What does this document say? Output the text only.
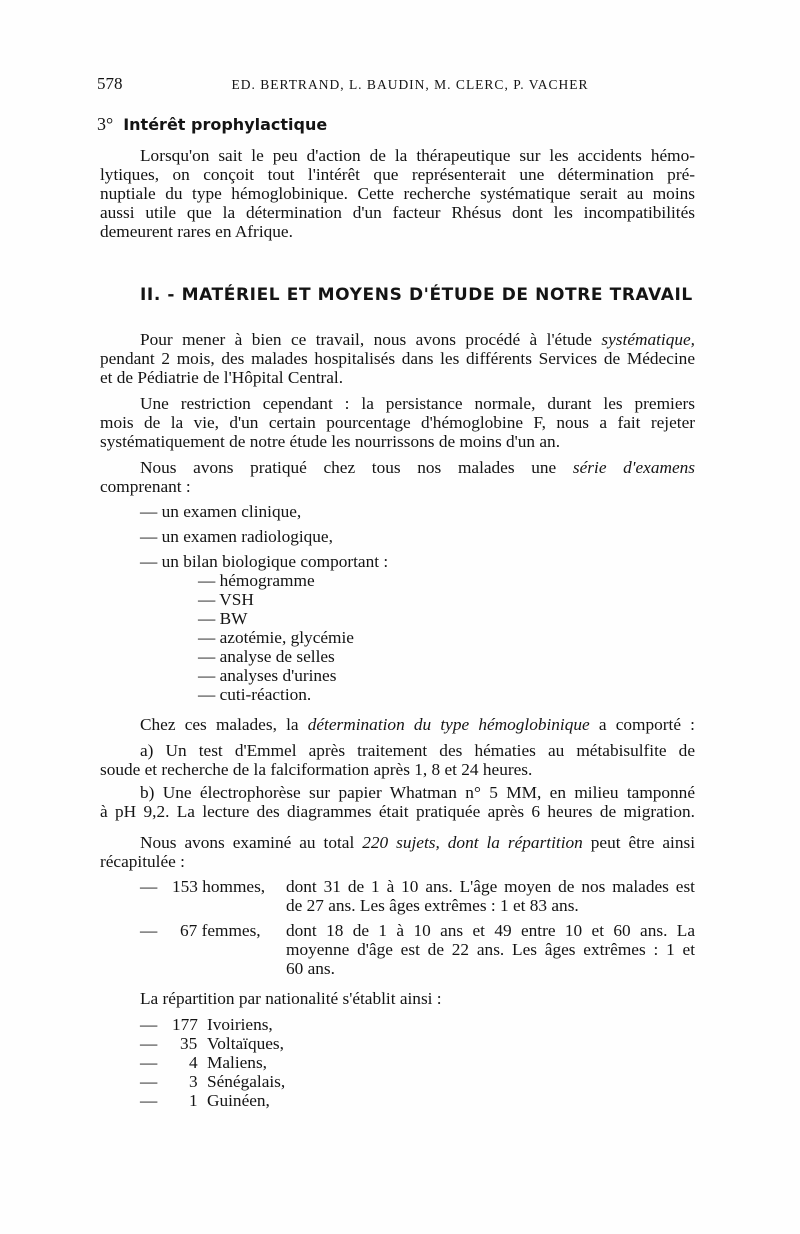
578	ED. BERTRAND, L. BAUDIN, M. CLERC, P. VACHER
3° Intérêt prophylactique
Lorsqu'on sait le peu d'action de la thérapeutique sur les accidents hémo-
lytiques, on conçoit tout l'intérêt que représenterait une détermination pré-
nuptiale du type hémoglobinique. Cette recherche systématique serait au moins
aussi utile que la détermination d'un facteur Rhésus dont les incompatibilités
demeurent rares en Afrique.
II. - MATÉRIEL ET MOYENS D'ÉTUDE DE NOTRE TRAVAIL
Pour mener à bien ce travail, nous avons procédé à l'étude systématique,
pendant 2 mois, des malades hospitalisés dans les différents Services de Médecine
et de Pédiatrie de l'Hôpital Central.
Une restriction cependant : la persistance normale, durant les premiers
mois de la vie, d'un certain pourcentage d'hémoglobine F, nous a fait rejeter
systématiquement de notre étude les nourrissons de moins d'un an.
Nous avons pratiqué chez tous nos malades une série d'examens
comprenant :
— un examen clinique,
— un examen radiologique,
— un bilan biologique comportant :
— hémogramme
— VSH
— BW
— azotémie, glycémie
— analyse de selles
— analyses d'urines
— cuti-réaction.
Chez ces malades, la détermination du type hémoglobinique a comporté :
a) Un test d'Emmel après traitement des hématies au métabisulfite de
soude et recherche de la falciformation après 1, 8 et 24 heures.
b) Une électrophorèse sur papier Whatman n° 5 MM, en milieu tamponné
à pH 9,2. La lecture des diagrammes était pratiquée après 6 heures de migration.
Nous avons examiné au total 220 sujets, dont la répartition peut être ainsi
récapitulée :
— 153 hommes, dont 31 de 1 à 10 ans. L'âge moyen de nos malades est
de 27 ans. Les âges extrêmes : 1 et 83 ans.
— 67 femmes, dont 18 de 1 à 10 ans et 49 entre 10 et 60 ans. La
moyenne d'âge est de 22 ans. Les âges extrêmes : 1 et
60 ans.
La répartition par nationalité s'établit ainsi :
— 177 Ivoiriens,
— 35 Voltaïques,
— 4 Maliens,
— 3 Sénégalais,
— 1 Guinéen,
